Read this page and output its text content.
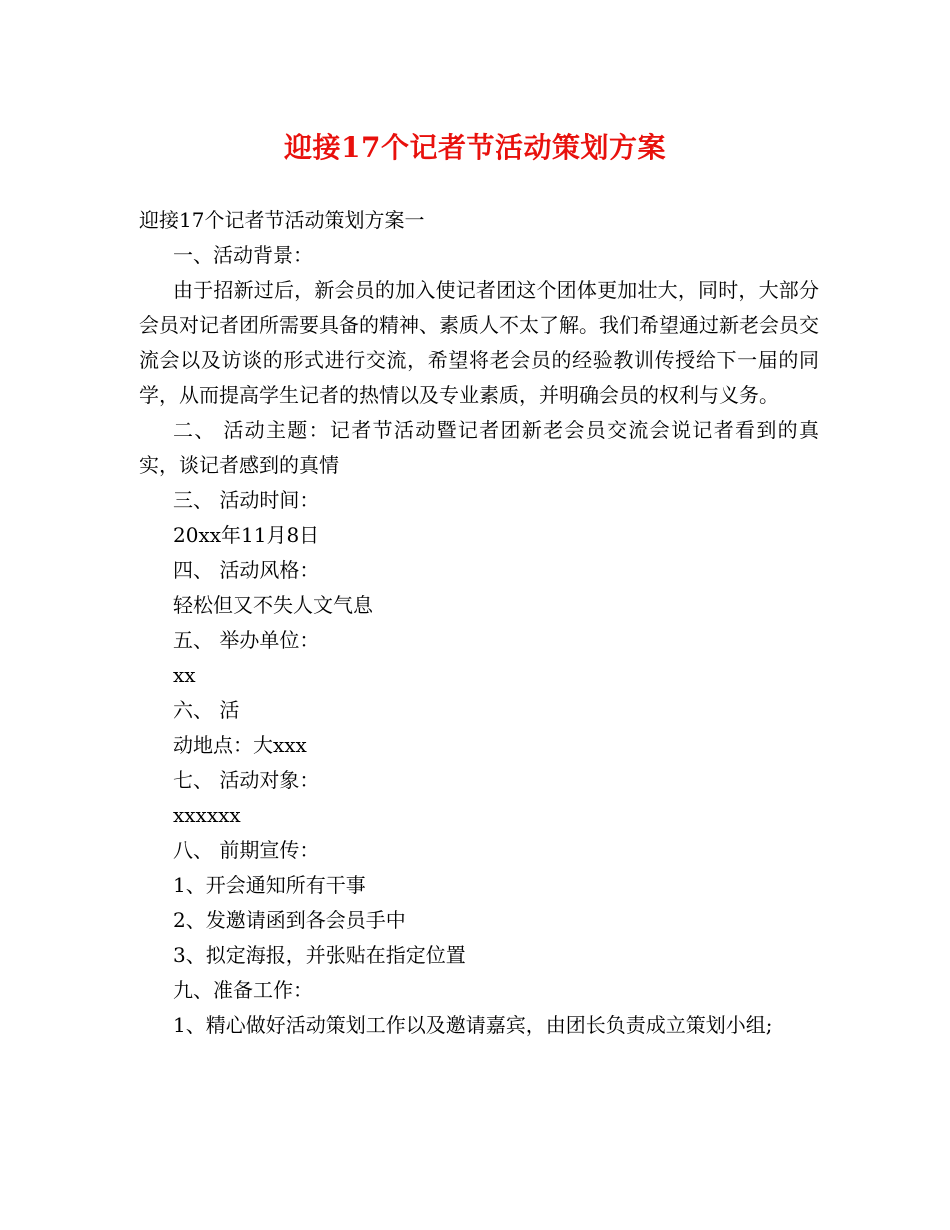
迎接17个记者节活动策划方案

迎接17个记者节活动策划方案一

一、活动背景：

由于招新过后，新会员的加入使记者团这个团体更加壮大，同时，大部分会员对记者团所需要具备的精神、素质人不太了解。我们希望通过新老会员交流会以及访谈的形式进行交流，希望将老会员的经验教训传授给下一届的同学，从而提高学生记者的热情以及专业素质，并明确会员的权利与义务。

二、 活动主题：记者节活动暨记者团新老会员交流会说记者看到的真实，谈记者感到的真情

三、 活动时间：

20xx年11月8日

四、 活动风格：

轻松但又不失人文气息

五、 举办单位：

xx

六、 活

动地点：大xxx

七、 活动对象：

xxxxxx

八、 前期宣传：

1、开会通知所有干事

2、发邀请函到各会员手中

3、拟定海报，并张贴在指定位置

九、准备工作：

1、精心做好活动策划工作以及邀请嘉宾，由团长负责成立策划小组;
